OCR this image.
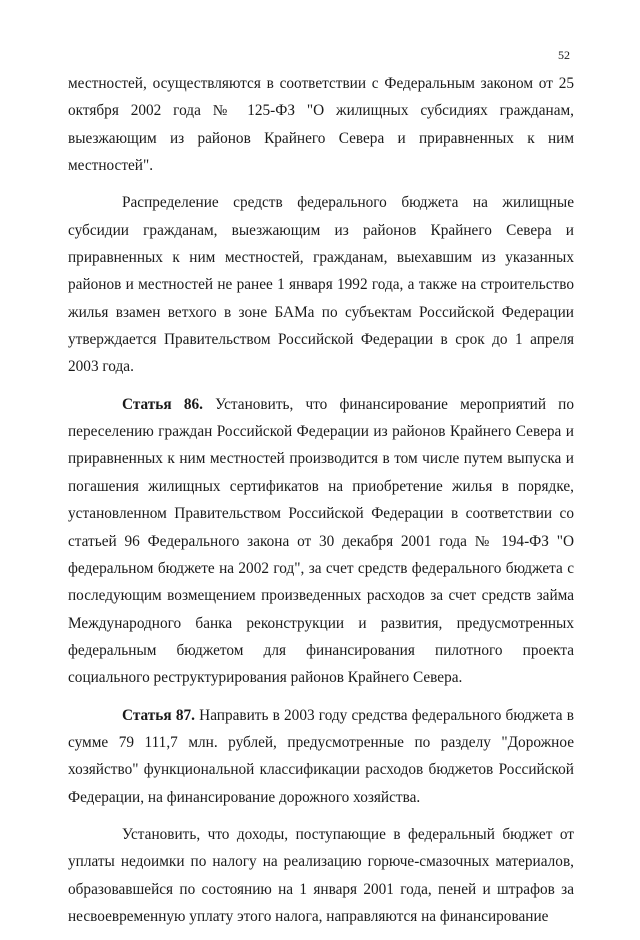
52

местностей, осуществляются в соответствии с Федеральным законом от 25 октября 2002 года № 125-ФЗ "О жилищных субсидиях гражданам, выезжающим из районов Крайнего Севера и приравненных к ним местностей".

Распределение средств федерального бюджета на жилищные субсидии гражданам, выезжающим из районов Крайнего Севера и приравненных к ним местностей, гражданам, выехавшим из указанных районов и местностей не ранее 1 января 1992 года, а также на строительство жилья взамен ветхого в зоне БАМа по субъектам Российской Федерации утверждается Правительством Российской Федерации в срок до 1 апреля 2003 года.

Статья 86. Установить, что финансирование мероприятий по переселению граждан Российской Федерации из районов Крайнего Севера и приравненных к ним местностей производится в том числе путем выпуска и погашения жилищных сертификатов на приобретение жилья в порядке, установленном Правительством Российской Федерации в соответствии со статьей 96 Федерального закона от 30 декабря 2001 года № 194-ФЗ "О федеральном бюджете на 2002 год", за счет средств федерального бюджета с последующим возмещением произведенных расходов за счет средств займа Международного банка реконструкции и развития, предусмотренных федеральным бюджетом для финансирования пилотного проекта социального реструктурирования районов Крайнего Севера.

Статья 87. Направить в 2003 году средства федерального бюджета в сумме 79 111,7 млн. рублей, предусмотренные по разделу "Дорожное хозяйство" функциональной классификации расходов бюджетов Российской Федерации, на финансирование дорожного хозяйства.

Установить, что доходы, поступающие в федеральный бюджет от уплаты недоимки по налогу на реализацию горюче-смазочных материалов, образовавшейся по состоянию на 1 января 2001 года, пеней и штрафов за несвоевременную уплату этого налога, направляются на финансирование
